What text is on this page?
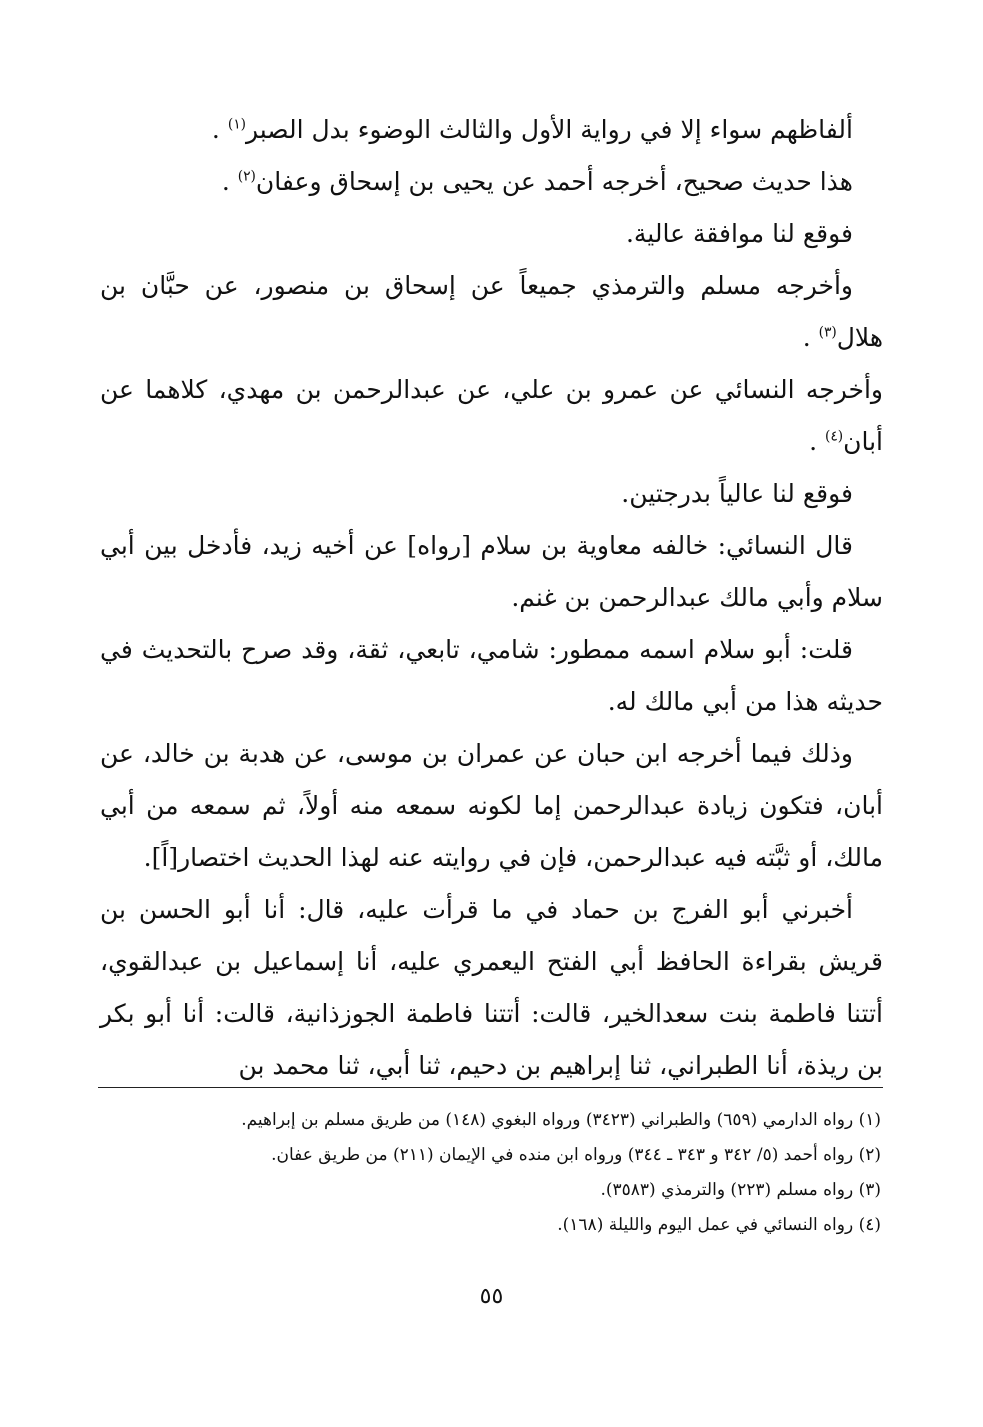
ألفاظهم سواء إلا في رواية الأول والثالث الوضوء بدل الصبر$^{(١)}$ .

هذا حديث صحيح، أخرجه أحمد عن يحيى بن إسحاق وعفان$^{(٢)}$ .

فوقع لنا موافقة عالية.

وأخرجه مسلم والترمذي جميعاً عن إسحاق بن منصور، عن حبَّان بن هلال$^{(٣)}$ .

وأخرجه النسائي عن عمرو بن علي، عن عبدالرحمن بن مهدي، كلاهما عن أبان$^{(٤)}$ .

فوقع لنا عالياً بدرجتين.

قال النسائي: خالفه معاوية بن سلام [رواه] عن أخيه زيد، فأدخل بين أبي سلام وأبي مالك عبدالرحمن بن غنم.

قلت: أبو سلام اسمه ممطور: شامي، تابعي، ثقة، وقد صرح بالتحديث في حديثه هذا من أبي مالك له.

وذلك فيما أخرجه ابن حبان عن عمران بن موسى، عن هدبة بن خالد، عن أبان، فتكون زيادة عبدالرحمن إما لكونه سمعه منه أولاً، ثم سمعه من أبي مالك، أو ثبَّته فيه عبدالرحمن، فإن في روايته عنه لهذا الحديث اختصار[اً].

أخبرني أبو الفرج بن حماد في ما قرأت عليه، قال: أنا أبو الحسن بن قريش بقراءة الحافظ أبي الفتح اليعمري عليه، أنا إسماعيل بن عبدالقوي، أتتنا فاطمة بنت سعدالخير، قالت: أتتنا فاطمة الجوزذانية، قالت: أنا أبو بكر بن ريذة، أنا الطبراني، ثنا إبراهيم بن دحيم، ثنا أبي، ثنا محمد بن

(١) رواه الدارمي (٦٥٩) والطبراني (٣٤٢٣) ورواه البغوي (١٤٨) من طريق مسلم بن إبراهيم.

(٢) رواه أحمد (٥/ ٣٤٢ و ٣٤٣ ـ ٣٤٤) ورواه ابن منده في الإيمان (٢١١) من طريق عفان.

(٣) رواه مسلم (٢٢٣) والترمذي (٣٥٨٣).

(٤) رواه النسائي في عمل اليوم والليلة (١٦٨).

٥٥
